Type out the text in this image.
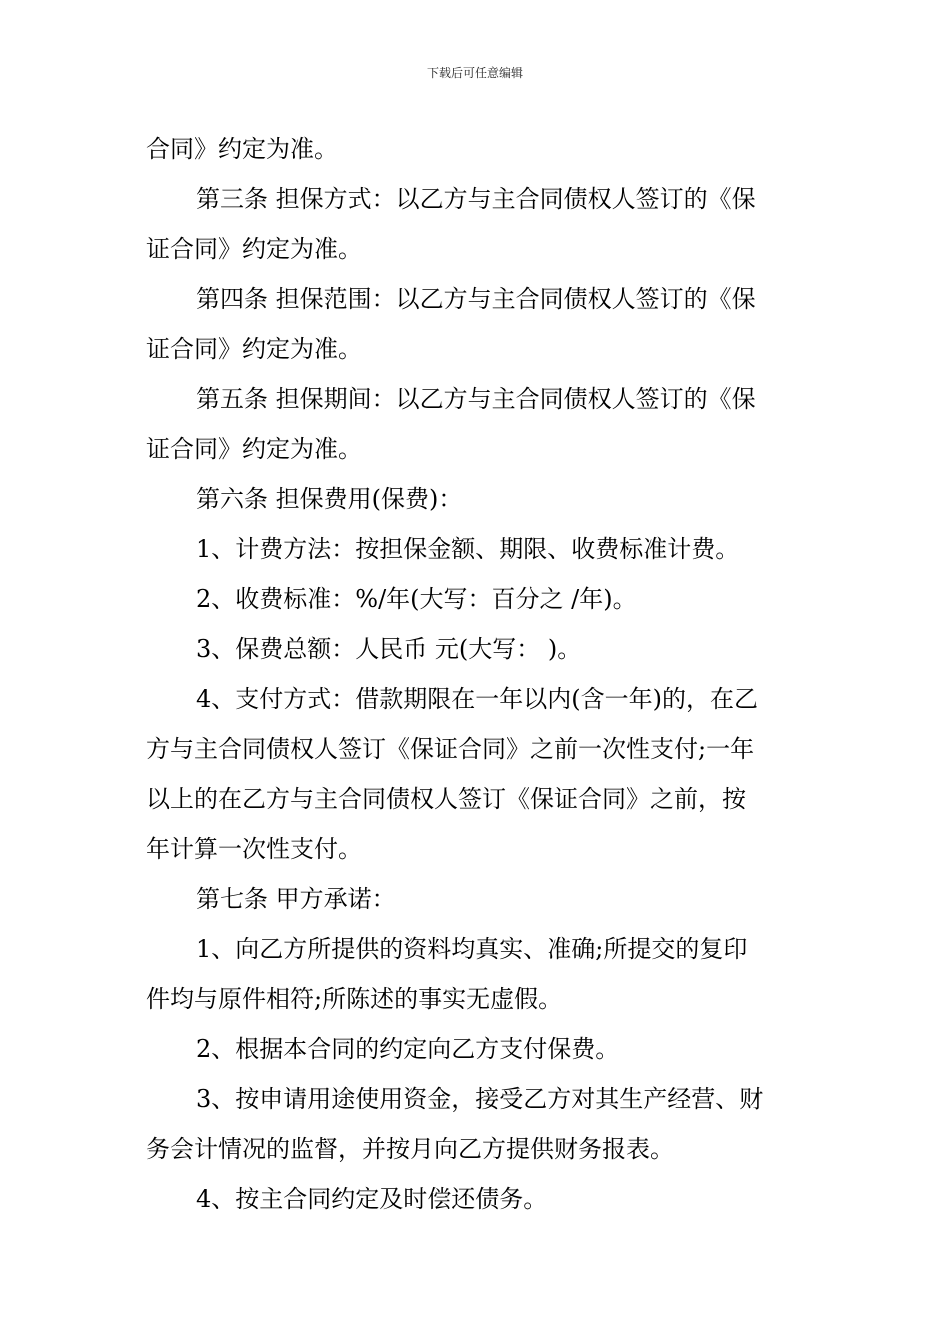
下载后可任意编辑
合同》约定为准。
第三条 担保方式：以乙方与主合同债权人签订的《保
证合同》约定为准。
第四条 担保范围：以乙方与主合同债权人签订的《保
证合同》约定为准。
第五条 担保期间：以乙方与主合同债权人签订的《保
证合同》约定为准。
第六条 担保费用(保费)：
1、计费方法：按担保金额、期限、收费标准计费。
2、收费标准：%/年(大写：百分之 /年)。
3、保费总额：人民币 元(大写： )。
4、支付方式：借款期限在一年以内(含一年)的，在乙
方与主合同债权人签订《保证合同》之前一次性支付;一年
以上的在乙方与主合同债权人签订《保证合同》之前，按
年计算一次性支付。
第七条 甲方承诺：
1、向乙方所提供的资料均真实、准确;所提交的复印
件均与原件相符;所陈述的事实无虚假。
2、根据本合同的约定向乙方支付保费。
3、按申请用途使用资金，接受乙方对其生产经营、财
务会计情况的监督，并按月向乙方提供财务报表。
4、按主合同约定及时偿还债务。
